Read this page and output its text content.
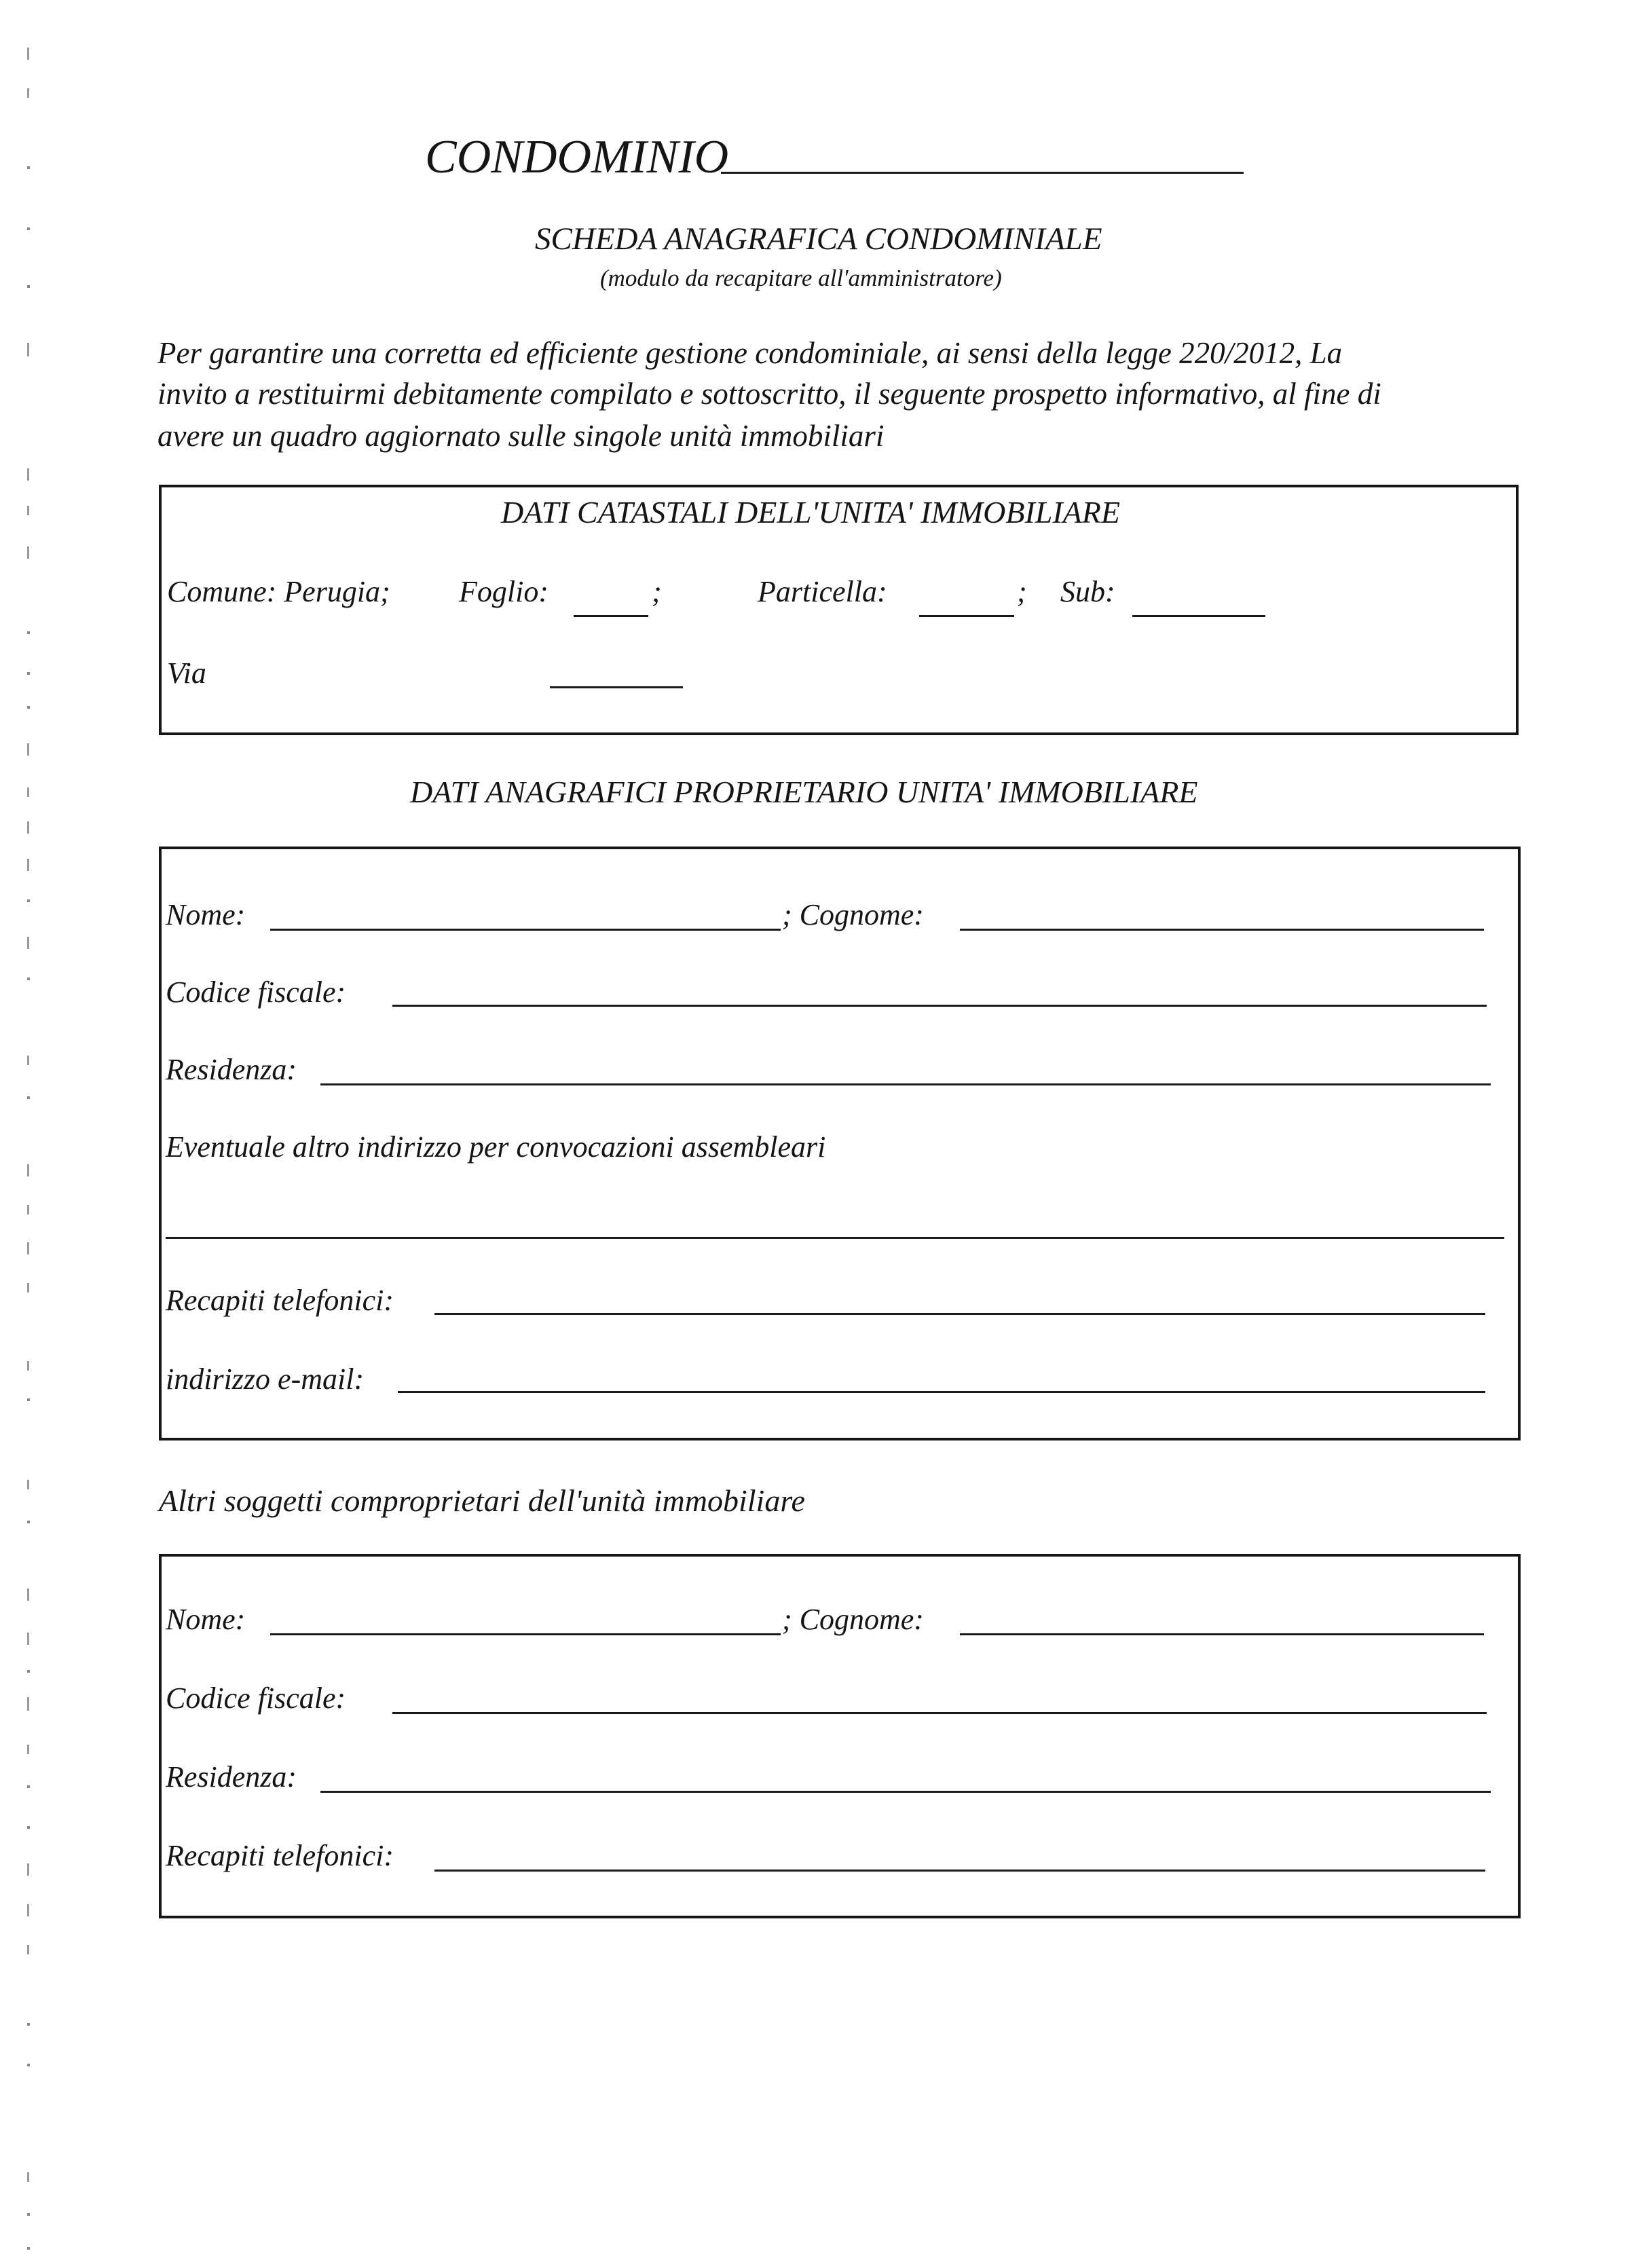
CONDOMINIO
SCHEDA ANAGRAFICA CONDOMINIALE
(modulo da recapitare all'amministratore)
Per garantire una corretta ed efficiente gestione condominiale, ai sensi della legge 220/2012, La
invito a restituirmi debitamente compilato e sottoscritto, il seguente prospetto informativo, al fine di
avere un quadro aggiornato sulle singole unità immobiliari
DATI CATASTALI DELL'UNITA' IMMOBILIARE
Comune: Perugia; Foglio:	;	Particella:	; Sub:
Via
DATI ANAGRAFICI PROPRIETARIO UNITA' IMMOBILIARE
Nome:	; Cognome:
Codice fiscale:
Residenza:
Eventuale altro indirizzo per convocazioni assembleari
Recapiti telefonici:
indirizzo e-mail:
Altri soggetti comproprietari dell'unità immobiliare
Nome:	; Cognome:
Codice fiscale:
Residenza:
Recapiti telefonici:
